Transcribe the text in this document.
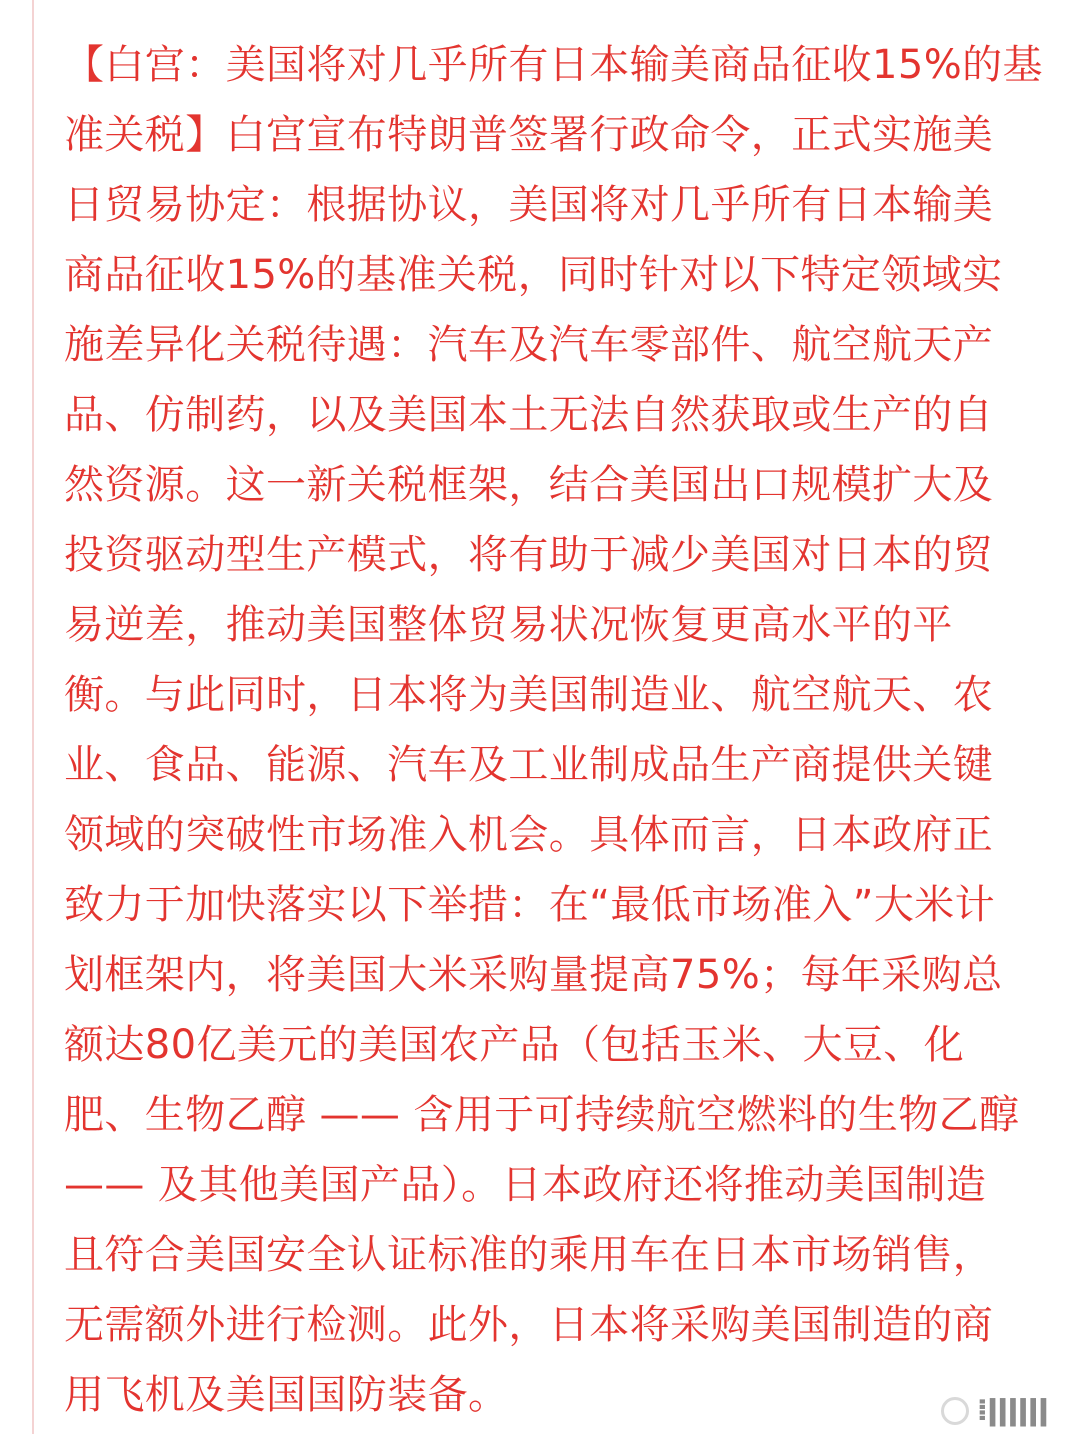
【白宫：美国将对几乎所有日本输美商品征收15%的基
准关税】白宫宣布特朗普签署行政命令，正式实施美
日贸易协定：根据协议，美国将对几乎所有日本输美
商品征收15%的基准关税，同时针对以下特定领域实
施差异化关税待遇：汽车及汽车零部件、航空航天产
品、仿制药，以及美国本土无法自然获取或生产的自
然资源。这一新关税框架，结合美国出口规模扩大及
投资驱动型生产模式，将有助于减少美国对日本的贸
易逆差，推动美国整体贸易状况恢复更高水平的平
衡。与此同时，日本将为美国制造业、航空航天、农
业、食品、能源、汽车及工业制成品生产商提供关键
领域的突破性市场准入机会。具体而言，日本政府正
致力于加快落实以下举措：在“最低市场准入”大米计
划框架内，将美国大米采购量提高75%；每年采购总
额达80亿美元的美国农产品（包括玉米、大豆、化
肥、生物乙醇 —— 含用于可持续航空燃料的生物乙醇
—— 及其他美国产品）。日本政府还将推动美国制造
且符合美国安全认证标准的乘用车在日本市场销售，
无需额外进行检测。此外，日本将采购美国制造的商
用飞机及美国国防装备。	⁞ǀǀǀǀǀǀ
